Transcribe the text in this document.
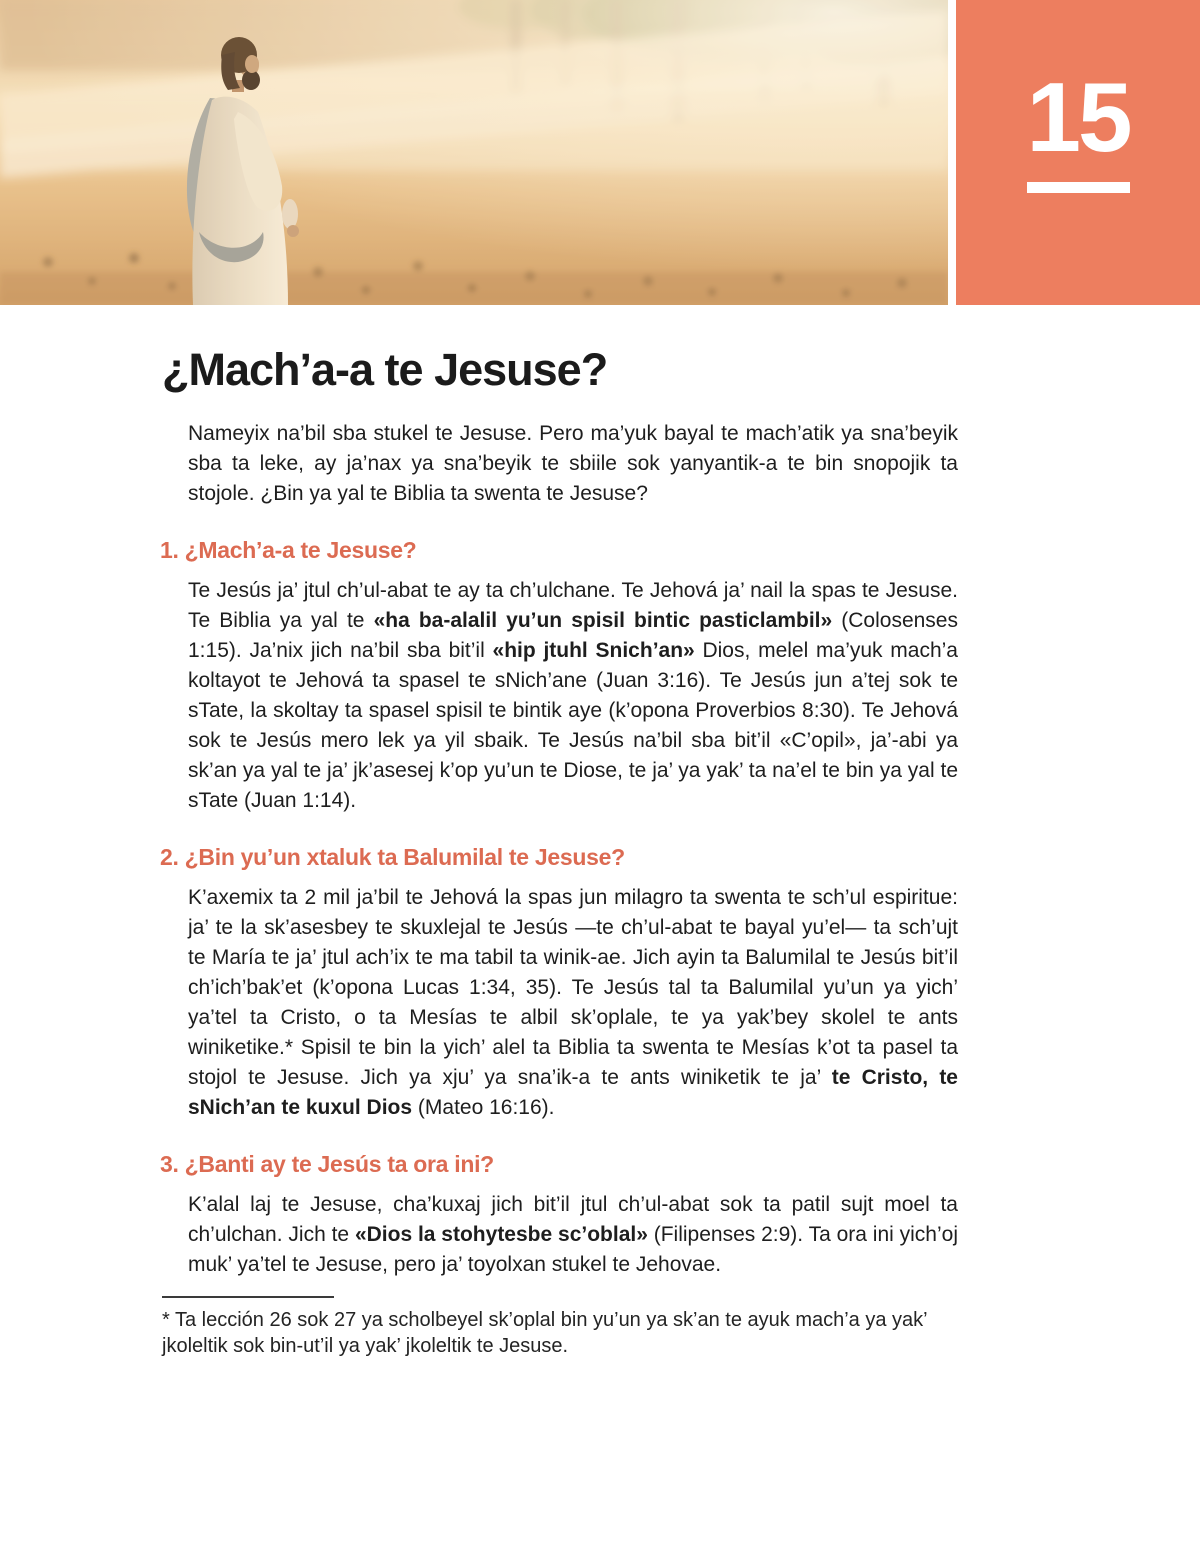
15
¿Mach’a-a te Jesuse?

Nameyix na’bil sba stukel te Jesuse. Pero ma’yuk bayal te mach’atik ya sna’beyik sba ta leke, ay ja’nax ya sna’beyik te sbiile sok yanyantik-a te bin snopojik ta stojole. ¿Bin ya yal te Biblia ta swenta te Jesuse?

1. ¿Mach’a-a te Jesuse?

Te Jesús ja’ jtul ch’ul-abat te ay ta ch’ulchane. Te Jehová ja’ nail la spas te Jesuse. Te Biblia ya yal te «ha ba-alalil yu’un spisil bintic pasticlambil» (Colosenses 1:15). Ja’nix jich na’bil sba bit’il «hip jtuhl Snich’an» Dios, melel ma’yuk mach’a koltayot te Jehová ta spasel te sNich’ane (Juan 3:16). Te Jesús jun a’tej sok te sTate, la skoltay ta spasel spisil te bintik aye (k’opona Proverbios 8:30). Te Jehová sok te Jesús mero lek ya yil sbaik. Te Jesús na’bil sba bit’il «C’opil», ja’-abi ya sk’an ya yal te ja’ jk’asesej k’op yu’un te Diose, te ja’ ya yak’ ta na’el te bin ya yal te sTate (Juan 1:14).

2. ¿Bin yu’un xtaluk ta Balumilal te Jesuse?

K’axemix ta 2 mil ja’bil te Jehová la spas jun milagro ta swenta te sch’ul espiritue: ja’ te la sk’asesbey te skuxlejal te Jesús —te ch’ul-abat te bayal yu’el— ta sch’ujt te María te ja’ jtul ach’ix te ma tabil ta winik-ae. Jich ayin ta Balumilal te Jesús bit’il ch’ich’bak’et (k’opona Lucas 1:34, 35). Te Jesús tal ta Balumilal yu’un ya yich’ ya’tel ta Cristo, o ta Mesías te albil sk’oplale, te ya yak’bey skolel te ants winiketike.* Spisil te bin la yich’ alel ta Biblia ta swenta te Mesías k’ot ta pasel ta stojol te Jesuse. Jich ya xju’ ya sna’ik-a te ants winiketik te ja’ te Cristo, te sNich’an te kuxul Dios (Mateo 16:16).

3. ¿Banti ay te Jesús ta ora ini?

K’alal laj te Jesuse, cha’kuxaj jich bit’il jtul ch’ul-abat sok ta patil sujt moel ta ch’ulchan. Jich te «Dios la stohytesbe sc’oblal» (Filipenses 2:9). Ta ora ini yich’oj muk’ ya’tel te Jesuse, pero ja’ toyolxan stukel te Jehovae.

* Ta lección 26 sok 27 ya scholbeyel sk’oplal bin yu’un ya sk’an te ayuk mach’a ya yak’ jkoleltik sok bin-ut’il ya yak’ jkoleltik te Jesuse.
